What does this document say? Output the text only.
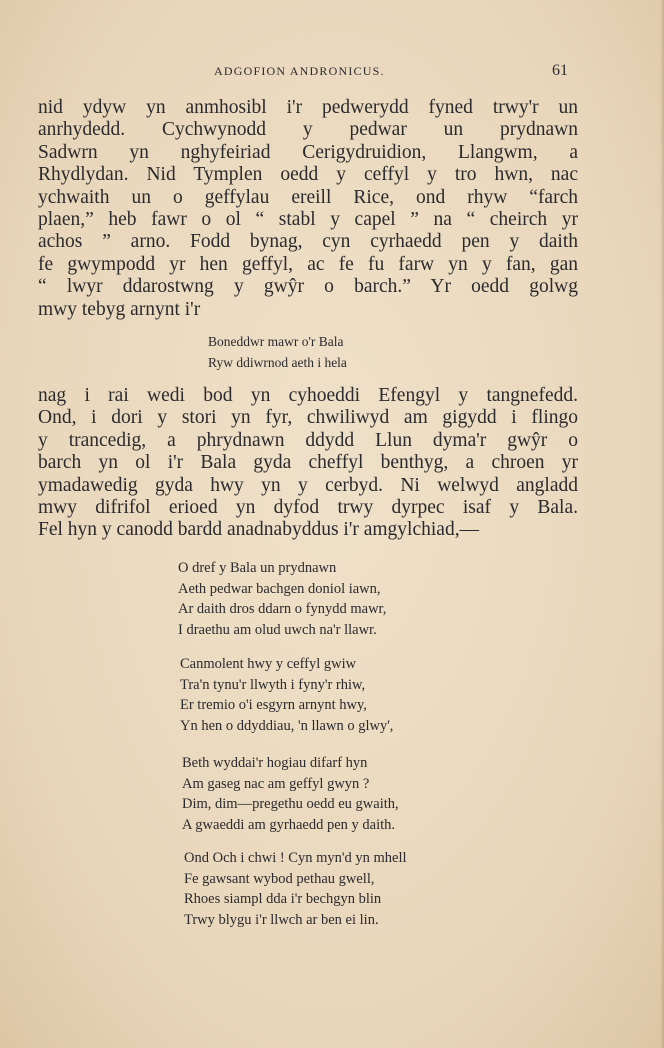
ADGOFION ANDRONICUS.	61
nid ydyw yn anmhosibl i'r pedwerydd fyned trwy'r un
anrhydedd. Cychwynodd y pedwar un prydnawn
Sadwrn yn nghyfeiriad Cerigydruidion, Llangwm, a
Rhydlydan. Nid Tymplen oedd y ceffyl y tro hwn, nac
ychwaith un o geffylau ereill Rice, ond rhyw “farch
plaen,” heb fawr o ol “ stabl y capel ” na “ cheirch yr
achos ” arno. Fodd bynag, cyn cyrhaedd pen y daith
fe gwympodd yr hen geffyl, ac fe fu farw yn y fan, gan
“ lwyr ddarostwng y gwŷr o barch.” Yr oedd golwg
mwy tebyg arnynt i'r
Boneddwr mawr o'r Bala
Ryw ddiwrnod aeth i hela
nag i rai wedi bod yn cyhoeddi Efengyl y tangnefedd.
Ond, i dori y stori yn fyr, chwiliwyd am gigydd i flingo
y trancedig, a phrydnawn ddydd Llun dyma'r gwŷr o
barch yn ol i'r Bala gyda cheffyl benthyg, a chroen yr
ymadawedig gyda hwy yn y cerbyd. Ni welwyd angladd
mwy difrifol erioed yn dyfod trwy dyrpec isaf y Bala.
Fel hyn y canodd bardd anadnabyddus i'r amgylchiad,—
O dref y Bala un prydnawn
Aeth pedwar bachgen doniol iawn,
Ar daith dros ddarn o fynydd mawr,
I draethu am olud uwch na'r llawr.
Canmolent hwy y ceffyl gwiw
Tra'n tynu'r llwyth i fyny'r rhiw,
Er tremio o'i esgyrn arnynt hwy,
Yn hen o ddyddiau, 'n llawn o glwy',
Beth wyddai'r hogiau difarf hyn
Am gaseg nac am geffyl gwyn ?
Dim, dim—pregethu oedd eu gwaith,
A gwaeddi am gyrhaedd pen y daith.
Ond Och i chwi ! Cyn myn'd yn mhell
Fe gawsant wybod pethau gwell,
Rhoes siampl dda i'r bechgyn blin
Trwy blygu i'r llwch ar ben ei lin.
